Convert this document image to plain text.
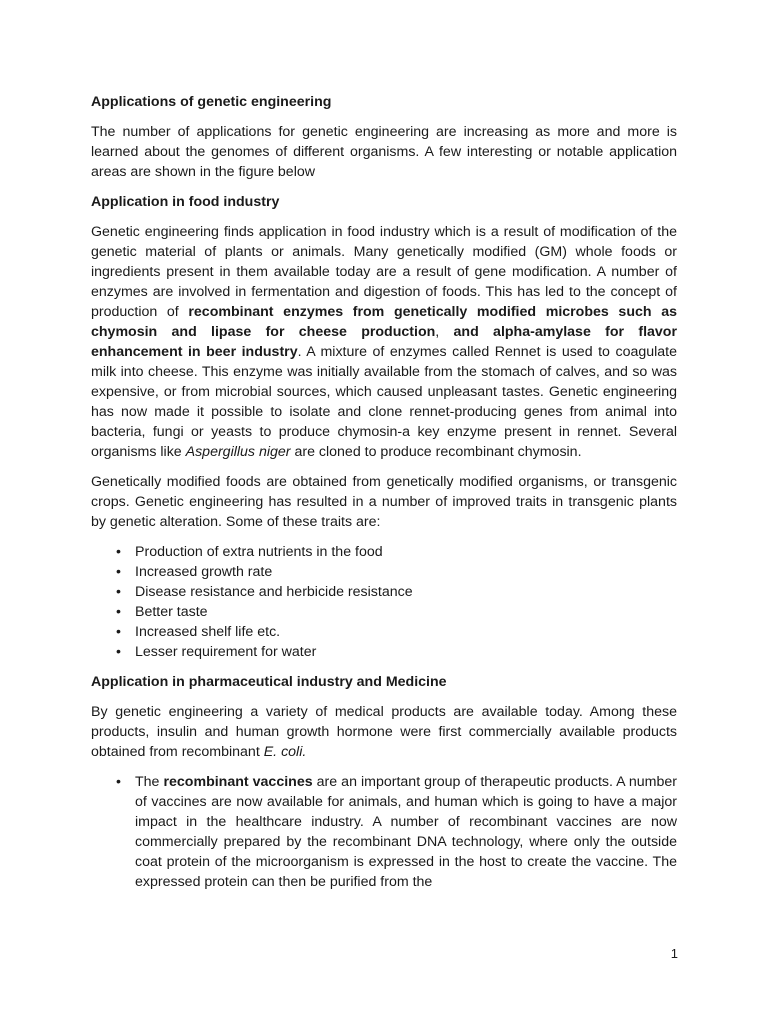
Applications of genetic engineering

The number of applications for genetic engineering are increasing as more and more is learned about the genomes of different organisms. A few interesting or notable application areas are shown in the figure below

Application in food industry

Genetic engineering finds application in food industry which is a result of modification of the genetic material of plants or animals. Many genetically modified (GM) whole foods or ingredients present in them available today are a result of gene modification. A number of enzymes are involved in fermentation and digestion of foods. This has led to the concept of production of recombinant enzymes from genetically modified microbes such as chymosin and lipase for cheese production, and alpha-amylase for flavor enhancement in beer industry. A mixture of enzymes called Rennet is used to coagulate milk into cheese. This enzyme was initially available from the stomach of calves, and so was expensive, or from microbial sources, which caused unpleasant tastes. Genetic engineering has now made it possible to isolate and clone rennet-producing genes from animal into bacteria, fungi or yeasts to produce chymosin-a key enzyme present in rennet. Several organisms like Aspergillus niger are cloned to produce recombinant chymosin.

Genetically modified foods are obtained from genetically modified organisms, or transgenic crops. Genetic engineering has resulted in a number of improved traits in transgenic plants by genetic alteration. Some of these traits are:

• Production of extra nutrients in the food
• Increased growth rate
• Disease resistance and herbicide resistance
• Better taste
• Increased shelf life etc.
• Lesser requirement for water
Application in pharmaceutical industry and Medicine

By genetic engineering a variety of medical products are available today. Among these products, insulin and human growth hormone were first commercially available products obtained from recombinant E. coli.

• The recombinant vaccines are an important group of therapeutic products. A number of vaccines are now available for animals, and human which is going to have a major impact in the healthcare industry. A number of recombinant vaccines are now commercially prepared by the recombinant DNA technology, where only the outside coat protein of the microorganism is expressed in the host to create the vaccine. The expressed protein can then be purified from the
1
